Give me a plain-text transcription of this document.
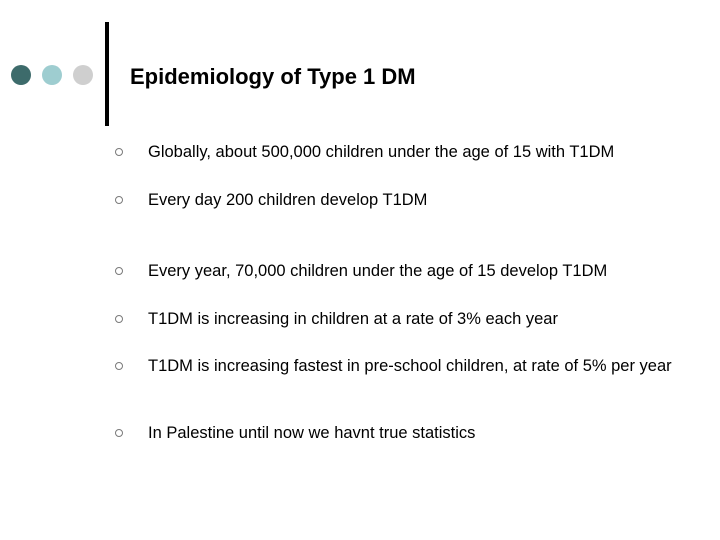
Epidemiology of Type 1 DM
Globally, about 500,000 children under the age of 15 with T1DM
Every day 200 children develop T1DM
Every year, 70,000 children under the age of 15 develop T1DM
T1DM is increasing in children at a rate of 3% each year
T1DM is increasing fastest in pre-school children, at rate of 5% per year
In Palestine until now we havnt true statistics
